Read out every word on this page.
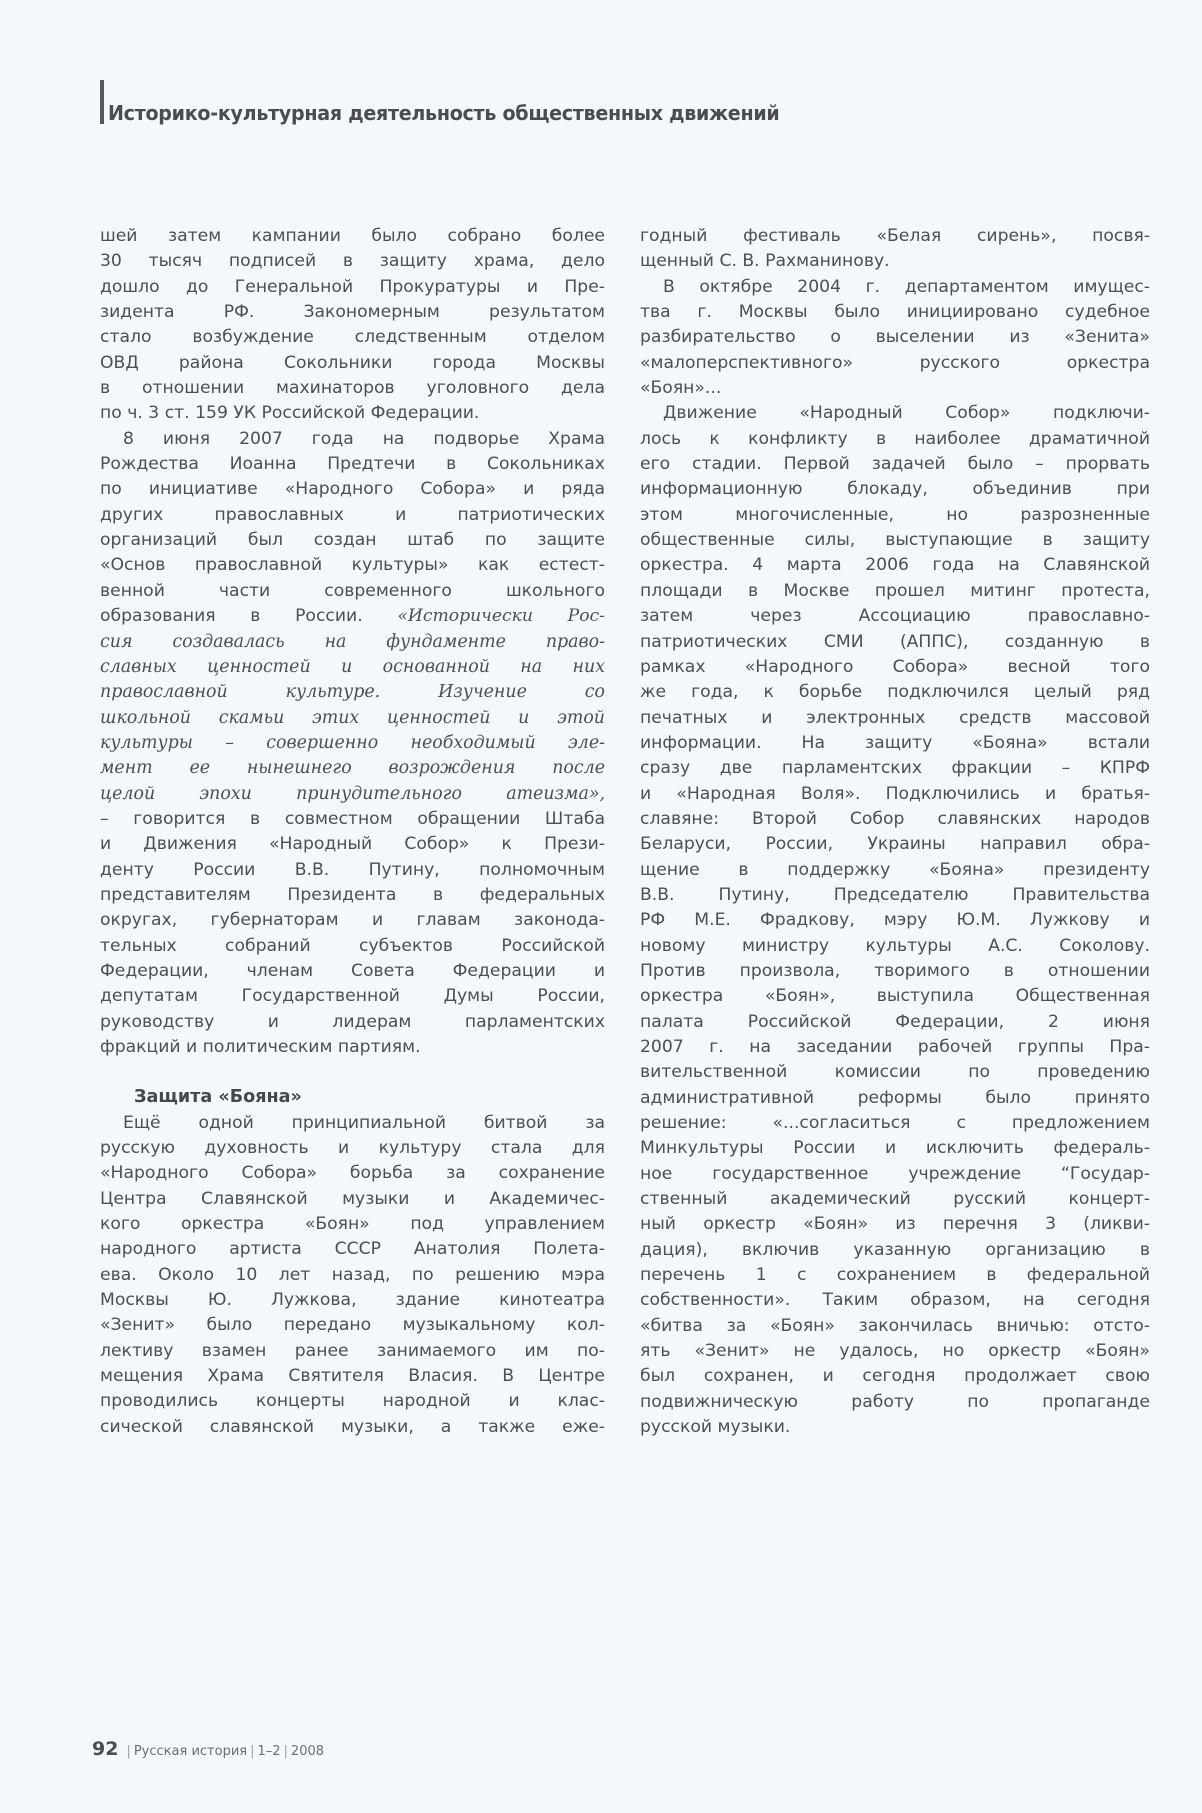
Историко-культурная деятельность общественных движений
шей затем кампании было собрано более
30 тысяч подписей в защиту храма, дело
дошло до Генеральной Прокуратуры и Пре-
зидента РФ. Закономерным результатом
стало возбуждение следственным отделом
ОВД района Сокольники города Москвы
в отношении махинаторов уголовного дела
по ч. 3 ст. 159 УК Российской Федерации.
8 июня 2007 года на подворье Храма
Рождества Иоанна Предтечи в Сокольниках
по инициативе «Народного Собора» и ряда
других православных и патриотических
организаций был создан штаб по защите
«Основ православной культуры» как естест-
венной части современного школьного
образования в России. «Исторически Рос-
сия создавалась на фундаменте право-
славных ценностей и основанной на них
православной культуре. Изучение со
школьной скамьи этих ценностей и этой
культуры – совершенно необходимый эле-
мент ее нынешнего возрождения после
целой эпохи принудительного атеизма»,
– говорится в совместном обращении Штаба
и Движения «Народный Собор» к Прези-
денту России В.В. Путину, полномочным
представителям Президента в федеральных
округах, губернаторам и главам законода-
тельных собраний субъектов Российской
Федерации, членам Совета Федерации и
депутатам Государственной Думы России,
руководству и лидерам парламентских
фракций и политическим партиям.
Защита «Бояна»
Ещё одной принципиальной битвой за
русскую духовность и культуру стала для
«Народного Собора» борьба за сохранение
Центра Славянской музыки и Академичес-
кого оркестра «Боян» под управлением
народного артиста СССР Анатолия Полета-
ева. Около 10 лет назад, по решению мэра
Москвы Ю. Лужкова, здание кинотеатра
«Зенит» было передано музыкальному кол-
лективу взамен ранее занимаемого им по-
мещения Храма Святителя Власия. В Центре
проводились концерты народной и клас-
сической славянской музыки, а также еже-
годный фестиваль «Белая сирень», посвя-
щенный С. В. Рахманинову.
В октябре 2004 г. департаментом имущес-
тва г. Москвы было инициировано судебное
разбирательство о выселении из «Зенита»
«малоперспективного» русского оркестра
«Боян»...
Движение «Народный Собор» подключи-
лось к конфликту в наиболее драматичной
его стадии. Первой задачей было – прорвать
информационную блокаду, объединив при
этом многочисленные, но разрозненные
общественные силы, выступающие в защиту
оркестра. 4 марта 2006 года на Славянской
площади в Москве прошел митинг протеста,
затем через Ассоциацию православно-
патриотических СМИ (АППС), созданную в
рамках «Народного Собора» весной того
же года, к борьбе подключился целый ряд
печатных и электронных средств массовой
информации. На защиту «Бояна» встали
сразу две парламентских фракции – КПРФ
и «Народная Воля». Подключились и братья-
славяне: Второй Собор славянских народов
Беларуси, России, Украины направил обра-
щение в поддержку «Бояна» президенту
В.В. Путину, Председателю Правительства
РФ М.Е. Фрадкову, мэру Ю.М. Лужкову и
новому министру культуры А.С. Соколову.
Против произвола, творимого в отношении
оркестра «Боян», выступила Общественная
палата Российской Федерации, 2 июня
2007 г. на заседании рабочей группы Пра-
вительственной комиссии по проведению
административной реформы было принято
решение: «...согласиться с предложением
Минкультуры России и исключить федераль-
ное государственное учреждение “Государ-
ственный академический русский концерт-
ный оркестр «Боян» из перечня 3 (ликви-
дация), включив указанную организацию в
перечень 1 с сохранением в федеральной
собственности». Таким образом, на сегодня
«битва за «Боян» закончилась вничью: отсто-
ять «Зенит» не удалось, но оркестр «Боян»
был сохранен, и сегодня продолжает свою
подвижническую работу по пропаганде
русской музыки.
92 | Русская история | 1–2 | 2008
